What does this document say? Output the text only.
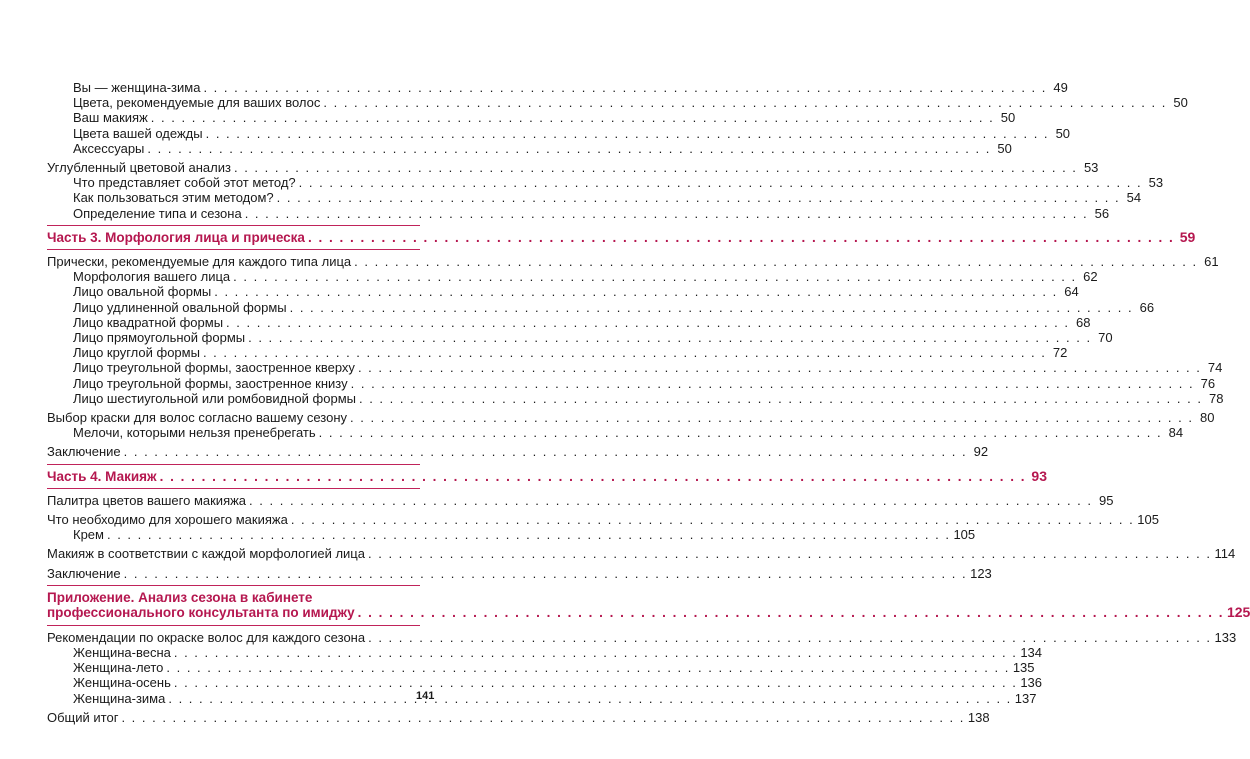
Вы — женщина-зима . . .	49
Цвета, рекомендуемые для ваших волос . . .	50
Ваш макияж . . .	50
Цвета вашей одежды . . .	50
Аксессуары . . .	50
Углубленный цветовой анализ . . .	53
Что представляет собой этот метод? . . .	53
Как пользоваться этим методом? . . .	54
Определение типа и сезона . . .	56
Часть 3. Морфология лица и прическа . . .	59
Прически, рекомендуемые для каждого типа лица . . .	61
Морфология вашего лица . . .	62
Лицо овальной формы . . .	64
Лицо удлиненной овальной формы . . .	66
Лицо квадратной формы . . .	68
Лицо прямоугольной формы . . .	70
Лицо круглой формы . . .	72
Лицо треугольной формы, заостренное кверху . . .	74
Лицо треугольной формы, заостренное книзу . . .	76
Лицо шестиугольной или ромбовидной формы . . .	78
Выбор краски для волос согласно вашему сезону . . .	80
Мелочи, которыми нельзя пренебрегать . . .	84
Заключение . . .	92
Часть 4. Макияж . . .	93
Палитра цветов вашего макияжа . . .	95
Что необходимо для хорошего макияжа . . .	105
Крем . . .	105
Макияж в соответствии с каждой морфологией лица . . .	114
Заключение . . .	123
Приложение. Анализ сезона в кабинете
профессионального консультанта по имиджу . . .	125
Рекомендации по окраске волос для каждого сезона . . .	133
Женщина-весна . . .	134
Женщина-лето . . .	135
Женщина-осень . . .	136
Женщина-зима . . .	137
Общий итог . . .	138
141
